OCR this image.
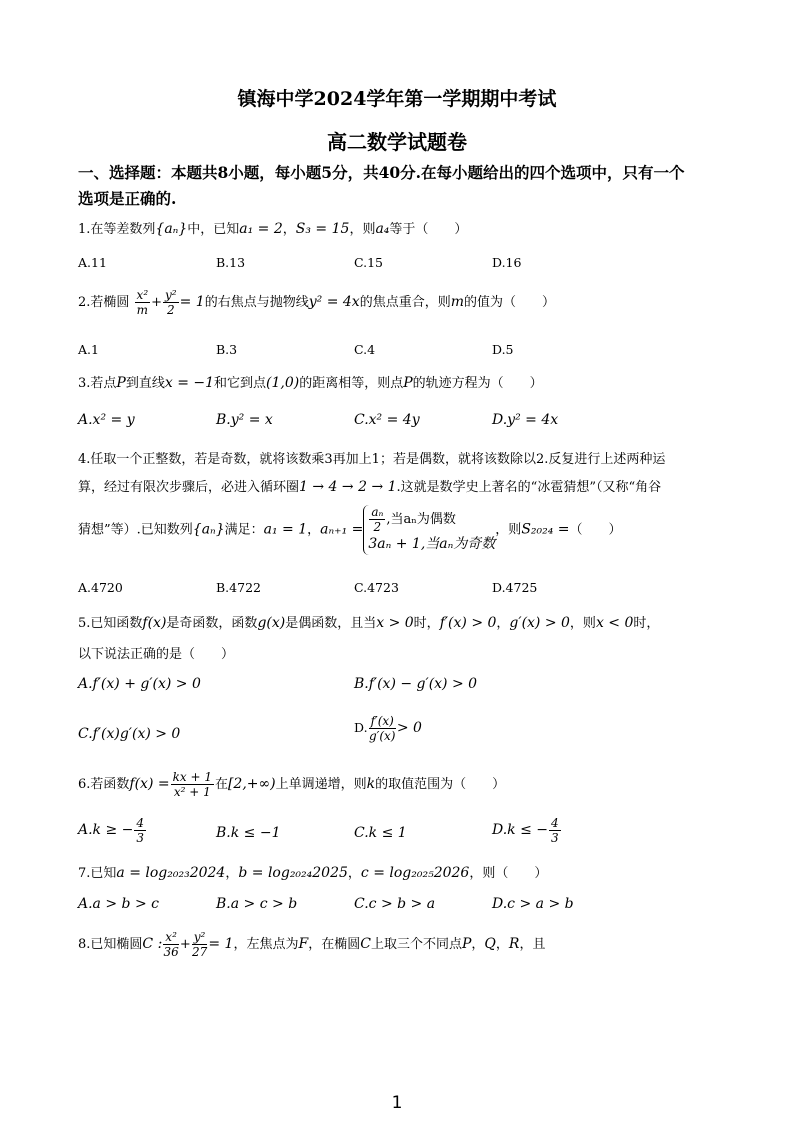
镇海中学2024学年第一学期期中考试
高二数学试题卷
一、选择题：本题共8小题，每小题5分，共40分.在每小题给出的四个选项中，只有一个
选项是正确的.
1.在等差数列{aₙ}中，已知a₁ = 2，S₃ = 15，则a₄等于（　　）
A.11	B.13	C.15	D.16
2.若椭圆 $\frac{\text{x²}}{m} + \frac{\text{y²}}{2} = 1$的右焦点与抛物线y² = 4x的焦点重合，则m的值为（　　）
A.1	B.3	C.4	D.5
3.若点P到直线x = −1和它到点(1,0)的距离相等，则点P的轨迹方程为（　　）
A.x² = y	B.y² = x	C.x² = 4y	D.y² = 4x
4.任取一个正整数，若是奇数，就将该数乘3再加上1；若是偶数，就将该数除以2.反复进行上述两种运
算，经过有限次步骤后，必进入循环圈1 → 4 → 2 → 1.这就是数学史上著名的“冰雹猜想”（又称“角谷
猜想”等）.已知数列{aₙ}满足：a₁ = 1，$a_{n+1} = \frac{\text{aₙ}}{2}$ ,当aₙ为偶数
3aₙ + 1,当aₙ为奇数，则S₂₀₂₄ =（　　）
A.4720	B.4722	C.4723	D.4725
5.已知函数f(x)是奇函数，函数g(x)是偶函数，且当x > 0时，f′(x) > 0，g′(x) > 0，则x < 0时，
以下说法正确的是（　　）
A.f′(x) + g′(x) > 0	B.f′(x) − g′(x) > 0
C.f′(x)g′(x) > 0	D. $\frac{f'(x)}{g'(x)} > 0$
6.若函数$f(x) = \frac{kx + 1}{\text{x² + 1}}$ 在[2,+∞)上单调递增，则k的取值范围为（　　）
A.k ≥ − $\frac{4}{3}$	B.k ≤ −1	C.k ≤ 1	D.k ≤ − $\frac{4}{3}$
7.已知a = log₂₀₂₃2024，b = log₂₀₂₄2025，c = log₂₀₂₅2026，则（　　）
A.a > b > c	B.a > c > b	C.c > b > a	D.c > a > b
8.已知椭圆C : $\frac{\text{x²}}{36} + \frac{\text{y²}}{27} = 1$，左焦点为F，在椭圆C上取三个不同点P，Q，R，且
1
